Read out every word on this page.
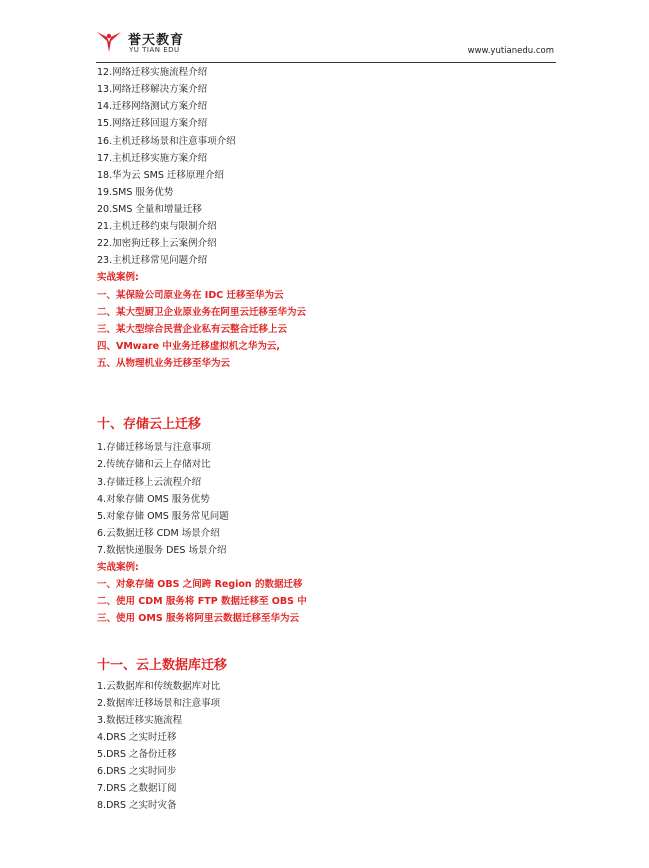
誉天教育
YU TIAN EDU	www.yutianedu.com
12.网络迁移实施流程介绍
13.网络迁移解决方案介绍
14.迁移网络测试方案介绍
15.网络迁移回退方案介绍
16.主机迁移场景和注意事项介绍
17.主机迁移实施方案介绍
18.华为云 SMS 迁移原理介绍
19.SMS 服务优势
20.SMS 全量和增量迁移
21.主机迁移约束与限制介绍
22.加密狗迁移上云案例介绍
23.主机迁移常见问题介绍
实战案例:
一、某保险公司原业务在 IDC 迁移至华为云
二、某大型厨卫企业原业务在阿里云迁移至华为云
三、某大型综合民营企业私有云整合迁移上云
四、VMware 中业务迁移虚拟机之华为云,
五、从物理机业务迁移至华为云
十、存储云上迁移
1.存储迁移场景与注意事项
2.传统存储和云上存储对比
3.存储迁移上云流程介绍
4.对象存储 OMS 服务优势
5.对象存储 OMS 服务常见问题
6.云数据迁移 CDM 场景介绍
7.数据快递服务 DES 场景介绍
实战案例:
一、对象存储 OBS 之间跨 Region 的数据迁移
二、使用 CDM 服务将 FTP 数据迁移至 OBS 中
三、使用 OMS 服务将阿里云数据迁移至华为云
十一、云上数据库迁移
1.云数据库和传统数据库对比
2.数据库迁移场景和注意事项
3.数据迁移实施流程
4.DRS 之实时迁移
5.DRS 之备份迁移
6.DRS 之实时同步
7.DRS 之数据订阅
8.DRS 之实时灾备
